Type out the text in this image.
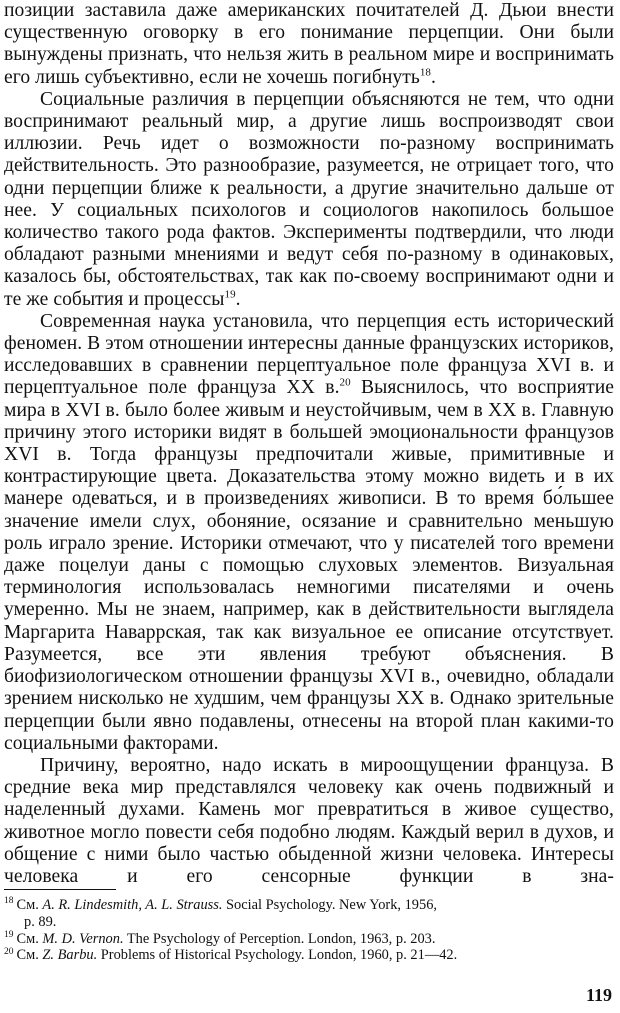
позиции заставила даже американских почитателей Д. Дьюи внести существенную оговорку в его понимание перцепции. Они были вынуждены признать, что нельзя жить в реальном мире и воспринимать его лишь субъективно, если не хочешь погибнуть$^{18}$.

Социальные различия в перцепции объясняются не тем, что одни воспринимают реальный мир, а другие лишь воспроизводят свои иллюзии. Речь идет о возможности по-разному воспринимать действительность. Это разнообразие, разумеется, не отрицает того, что одни перцепции ближе к реальности, а другие значительно дальше от нее. У социальных психологов и социологов накопилось большое количество такого рода фактов. Эксперименты подтвердили, что люди обладают разными мнениями и ведут себя по-разному в одинаковых, казалось бы, обстоятельствах, так как по-своему воспринимают одни и те же события и процессы$^{19}$.

Современная наука установила, что перцепция есть исторический феномен. В этом отношении интересны данные французских историков, исследовавших в сравнении перцептуальное поле француза XVI в. и перцептуальное поле француза XX в.$^{20}$ Выяснилось, что восприятие мира в XVI в. было более живым и неустойчивым, чем в XX в. Главную причину этого историки видят в большей эмоциональности французов XVI в. Тогда французы предпочитали живые, примитивные и контрастирующие цвета. Доказательства этому можно видеть и в их манере одеваться, и в произведениях живописи. В то время бо́льшее значение имели слух, обоняние, осязание и сравнительно меньшую роль играло зрение. Историки отмечают, что у писателей того времени даже поцелуи даны с помощью слуховых элементов. Визуальная терминология использовалась немногими писателями и очень умеренно. Мы не знаем, например, как в действительности выглядела Маргарита Наваррская, так как визуальное ее описание отсутствует. Разумеется, все эти явления требуют объяснения. В биофизиологическом отношении французы XVI в., очевидно, обладали зрением нисколько не худшим, чем французы XX в. Однако зрительные перцепции были явно подавлены, отнесены на второй план какими-то социальными факторами.

Причину, вероятно, надо искать в мироощущении француза. В средние века мир представлялся человеку как очень подвижный и наделенный духами. Камень мог превратиться в живое существо, животное могло повести себя подобно людям. Каждый верил в духов, и общение с ними было частью обыденной жизни человека. Интересы человека и его сенсорные функции в зна-

$^{18}$ См. A. R. Lindesmith, A. L. Strauss. Social Psychology. New York, 1956,

p. 89.

$^{19}$ См. M. D. Vernon. The Psychology of Perception. London, 1963, p. 203.

$^{20}$ См. Z. Barbu. Problems of Historical Psychology. London, 1960, p. 21—42.

119
